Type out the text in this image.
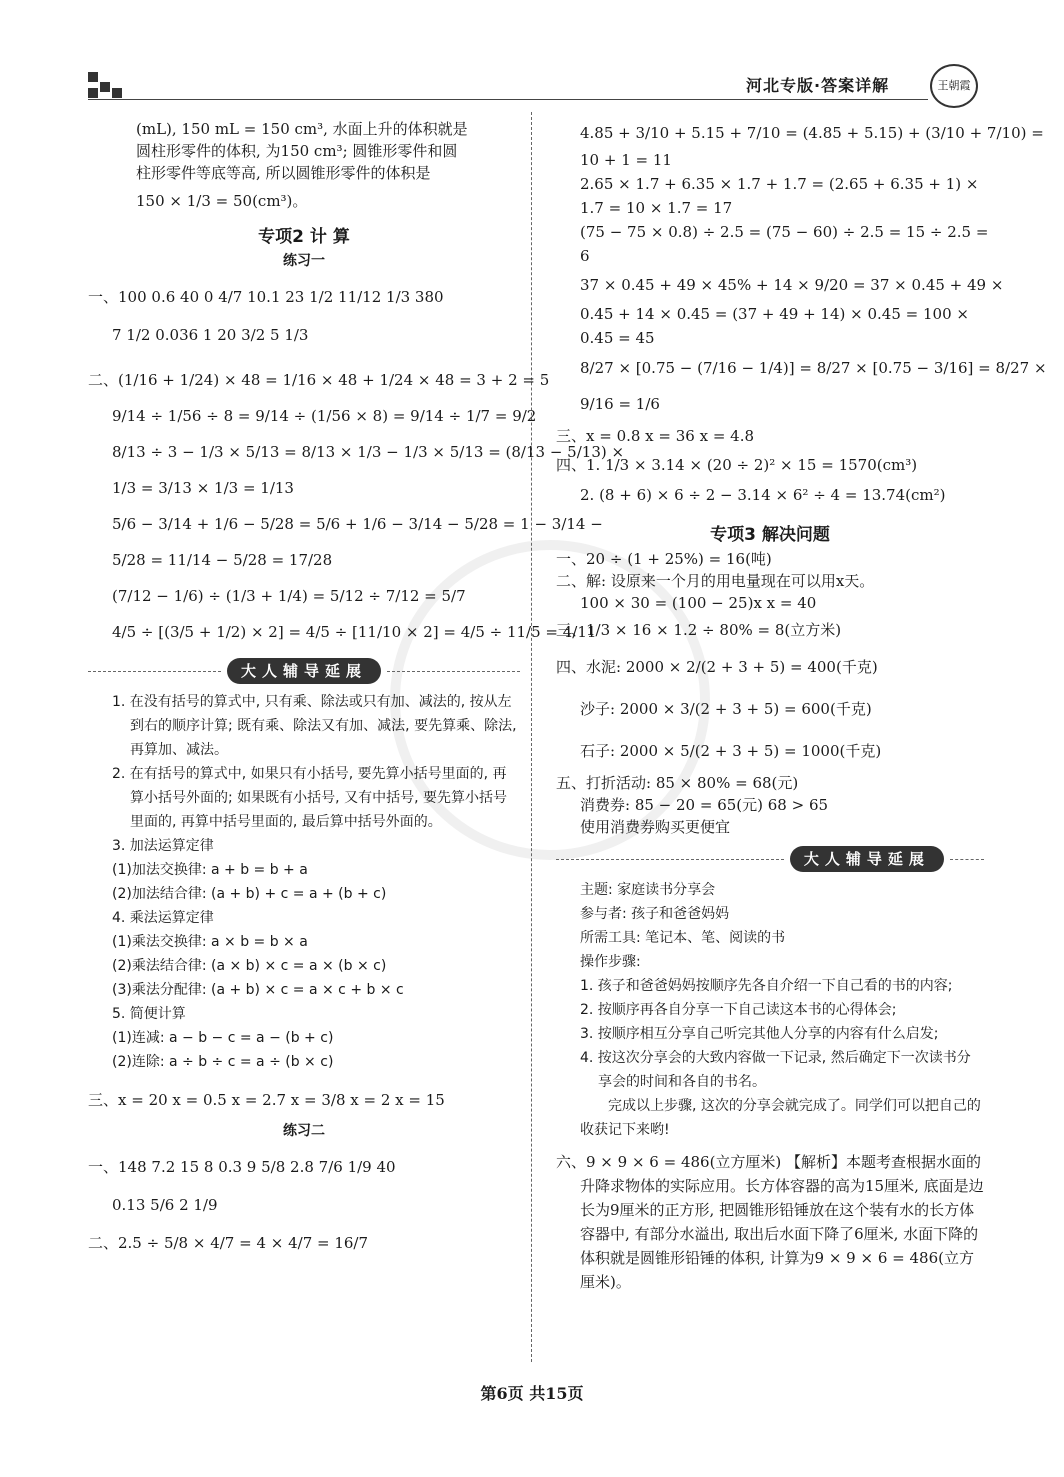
河北专版·答案详解	王朝霞

(mL), 150 mL = 150 cm³, 水面上升的体积就是

圆柱形零件的体积, 为150 cm³; 圆锥形零件和圆

柱形零件等底等高, 所以圆锥形零件的体积是

150 × 1/3 = 50(cm³)。

专项2 计 算
练习一

一、100 0.6 40 0 4/7 10.1 23 1/2 11/12 1/3 380

7 1/2 0.036 1 20 3/2 5 1/3

二、(1/16 + 1/24) × 48 = 1/16 × 48 + 1/24 × 48 = 3 + 2 = 5

9/14 ÷ 1/56 ÷ 8 = 9/14 ÷ (1/56 × 8) = 9/14 ÷ 1/7 = 9/2

8/13 ÷ 3 − 1/3 × 5/13 = 8/13 × 1/3 − 1/3 × 5/13 = (8/13 − 5/13) ×

1/3 = 3/13 × 1/3 = 1/13

5/6 − 3/14 + 1/6 − 5/28 = 5/6 + 1/6 − 3/14 − 5/28 = 1 − 3/14 −

5/28 = 11/14 − 5/28 = 17/28

(7/12 − 1/6) ÷ (1/3 + 1/4) = 5/12 ÷ 7/12 = 5/7

4/5 ÷ [(3/5 + 1/2) × 2] = 4/5 ÷ [11/10 × 2] = 4/5 ÷ 11/5 = 4/11

大人辅导延展

1. 在没有括号的算式中, 只有乘、除法或只有加、减法的, 按从左到右的顺序计算; 既有乘、除法又有加、减法, 要先算乘、除法, 再算加、减法。

2. 在有括号的算式中, 如果只有小括号, 要先算小括号里面的, 再算小括号外面的; 如果既有小括号, 又有中括号, 要先算小括号里面的, 再算中括号里面的, 最后算中括号外面的。

3. 加法运算定律

(1)加法交换律: a + b = b + a

(2)加法结合律: (a + b) + c = a + (b + c)

4. 乘法运算定律

(1)乘法交换律: a × b = b × a

(2)乘法结合律: (a × b) × c = a × (b × c)

(3)乘法分配律: (a + b) × c = a × c + b × c

5. 简便计算

(1)连减: a − b − c = a − (b + c)

(2)连除: a ÷ b ÷ c = a ÷ (b × c)

三、x = 20 x = 0.5 x = 2.7 x = 3/8 x = 2 x = 15

练习二

一、148 7.2 15 8 0.3 9 5/8 2.8 7/6 1/9 40

0.13 5/6 2 1/9

二、2.5 ÷ 5/8 × 4/7 = 4 × 4/7 = 16/7

4.85 + 3/10 + 5.15 + 7/10 = (4.85 + 5.15) + (3/10 + 7/10) =

10 + 1 = 11

2.65 × 1.7 + 6.35 × 1.7 + 1.7 = (2.65 + 6.35 + 1) ×

1.7 = 10 × 1.7 = 17

(75 − 75 × 0.8) ÷ 2.5 = (75 − 60) ÷ 2.5 = 15 ÷ 2.5 =

6

37 × 0.45 + 49 × 45% + 14 × 9/20 = 37 × 0.45 + 49 ×

0.45 + 14 × 0.45 = (37 + 49 + 14) × 0.45 = 100 ×

0.45 = 45

8/27 × [0.75 − (7/16 − 1/4)] = 8/27 × [0.75 − 3/16] = 8/27 ×

9/16 = 1/6

三、x = 0.8 x = 36 x = 4.8

四、1. 1/3 × 3.14 × (20 ÷ 2)² × 15 = 1570(cm³)

2. (8 + 6) × 6 ÷ 2 − 3.14 × 6² ÷ 4 = 13.74(cm²)

专项3 解决问题

一、20 ÷ (1 + 25%) = 16(吨)

二、解: 设原来一个月的用电量现在可以用x天。

100 × 30 = (100 − 25)x x = 40

三、1/3 × 16 × 1.2 ÷ 80% = 8(立方米)

四、水泥: 2000 × 2/(2 + 3 + 5) = 400(千克)

沙子: 2000 × 3/(2 + 3 + 5) = 600(千克)

石子: 2000 × 5/(2 + 3 + 5) = 1000(千克)

五、打折活动: 85 × 80% = 68(元)

消费券: 85 − 20 = 65(元) 68 > 65

使用消费券购买更便宜

大人辅导延展

主题: 家庭读书分享会

参与者: 孩子和爸爸妈妈

所需工具: 笔记本、笔、阅读的书

操作步骤:

1. 孩子和爸爸妈妈按顺序先各自介绍一下自己看的书的内容;

2. 按顺序再各自分享一下自己读这本书的心得体会;

3. 按顺序相互分享自己听完其他人分享的内容有什么启发;

4. 按这次分享会的大致内容做一下记录, 然后确定下一次读书分享会的时间和各自的书名。

完成以上步骤, 这次的分享会就完成了。同学们可以把自己的收获记下来哟!

六、9 × 9 × 6 = 486(立方厘米) 【解析】本题考查根据水面的升降求物体的实际应用。长方体容器的高为15厘米, 底面是边长为9厘米的正方形, 把圆锥形铅锤放在这个装有水的长方体容器中, 有部分水溢出, 取出后水面下降了6厘米, 水面下降的体积就是圆锥形铅锤的体积, 计算为9 × 9 × 6 = 486(立方厘米)。

第6页 共15页
